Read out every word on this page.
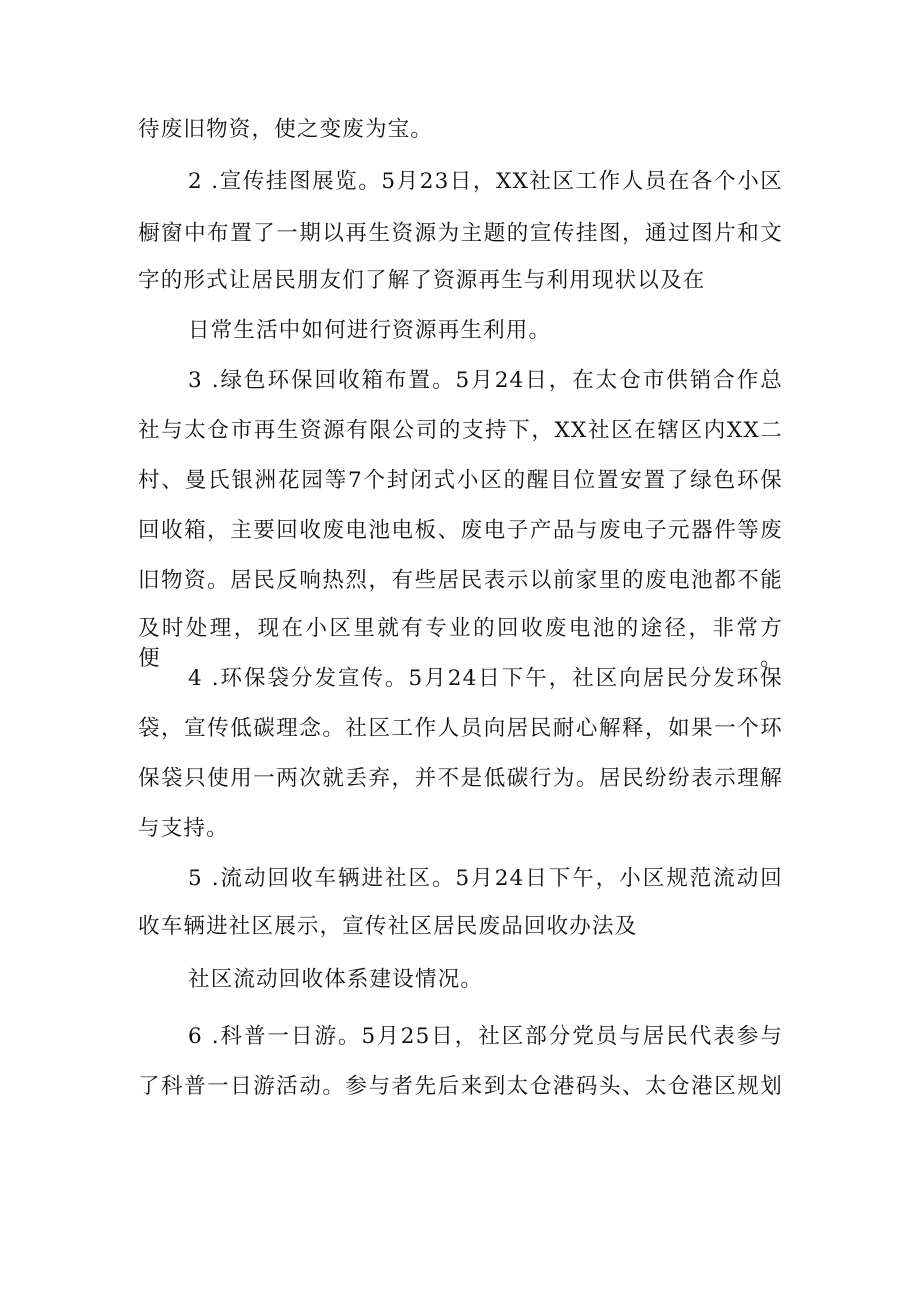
待废旧物资，使之变废为宝。
2 .宣传挂图展览。5月23日，XX社区工作人员在各个小区
橱窗中布置了一期以再生资源为主题的宣传挂图，通过图片和文
字的形式让居民朋友们了解了资源再生与利用现状以及在
日常生活中如何进行资源再生利用。
3 .绿色环保回收箱布置。5月24日，在太仓市供销合作总
社与太仓市再生资源有限公司的支持下，XX社区在辖区内XX二
村、曼氏银洲花园等7个封闭式小区的醒目位置安置了绿色环保
回收箱，主要回收废电池电板、废电子产品与废电子元器件等废
旧物资。居民反响热烈，有些居民表示以前家里的废电池都不能
及时处理，现在小区里就有专业的回收废电池的途径，非常方便。
4 .环保袋分发宣传。5月24日下午，社区向居民分发环保
袋，宣传低碳理念。社区工作人员向居民耐心解释，如果一个环
保袋只使用一两次就丢弃，并不是低碳行为。居民纷纷表示理解
与支持。
5 .流动回收车辆进社区。5月24日下午，小区规范流动回
收车辆进社区展示，宣传社区居民废品回收办法及
社区流动回收体系建设情况。
6 .科普一日游。5月25日，社区部分党员与居民代表参与
了科普一日游活动。参与者先后来到太仓港码头、太仓港区规划
